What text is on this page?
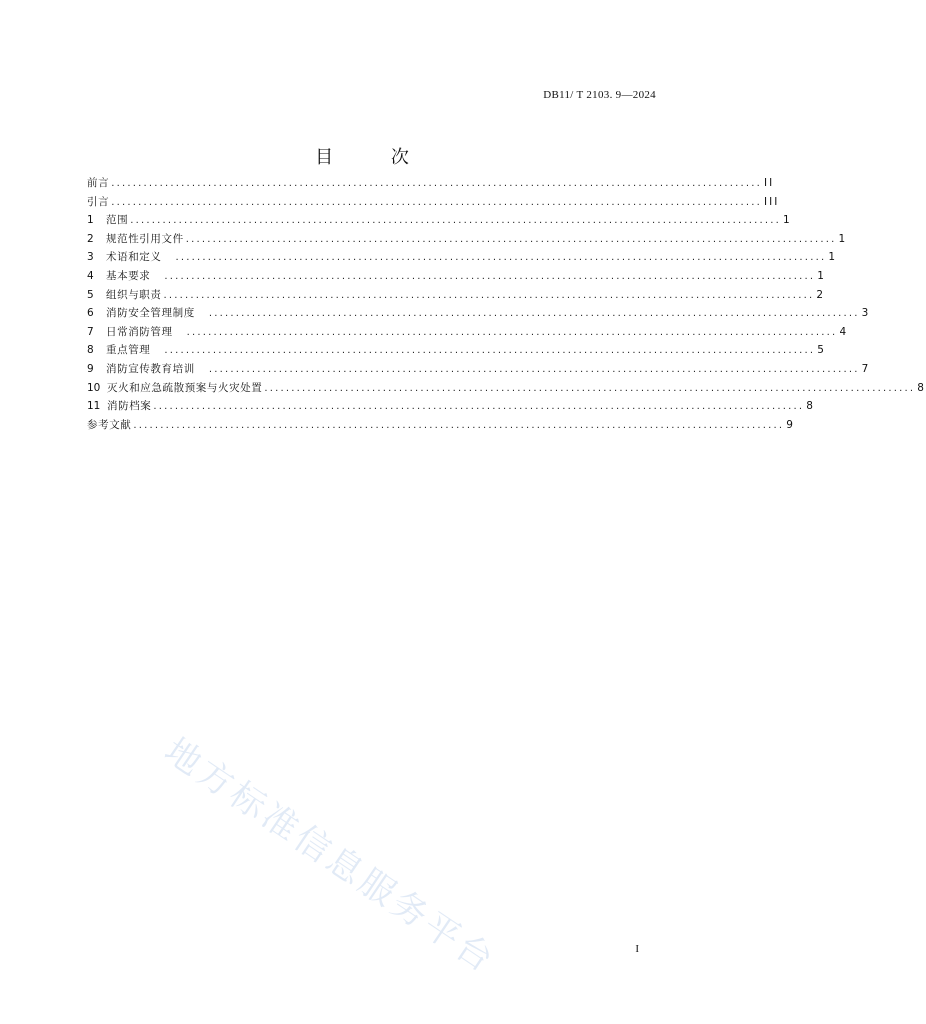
DB11/ T 2103. 9—2024
目 次
前言 ......................................................................................................................... II
引言 ......................................................................................................................... III
1	范围 ......................................................................................................................... 1
2	规范性引用文件 ......................................................................................................................... 1
3	术语和定义 ......................................................................................................................... 1
4	基本要求 ......................................................................................................................... 1
5	组织与职责 ......................................................................................................................... 2
6	消防安全管理制度 ......................................................................................................................... 3
7	日常消防管理 ......................................................................................................................... 4
8	重点管理 ......................................................................................................................... 5
9	消防宣传教育培训 ......................................................................................................................... 7
10 灭火和应急疏散预案与火灾处置 ......................................................................................................................... 8
11 消防档案 ......................................................................................................................... 8
参考文献 ......................................................................................................................... 9
地方标准信息服务平台	I
